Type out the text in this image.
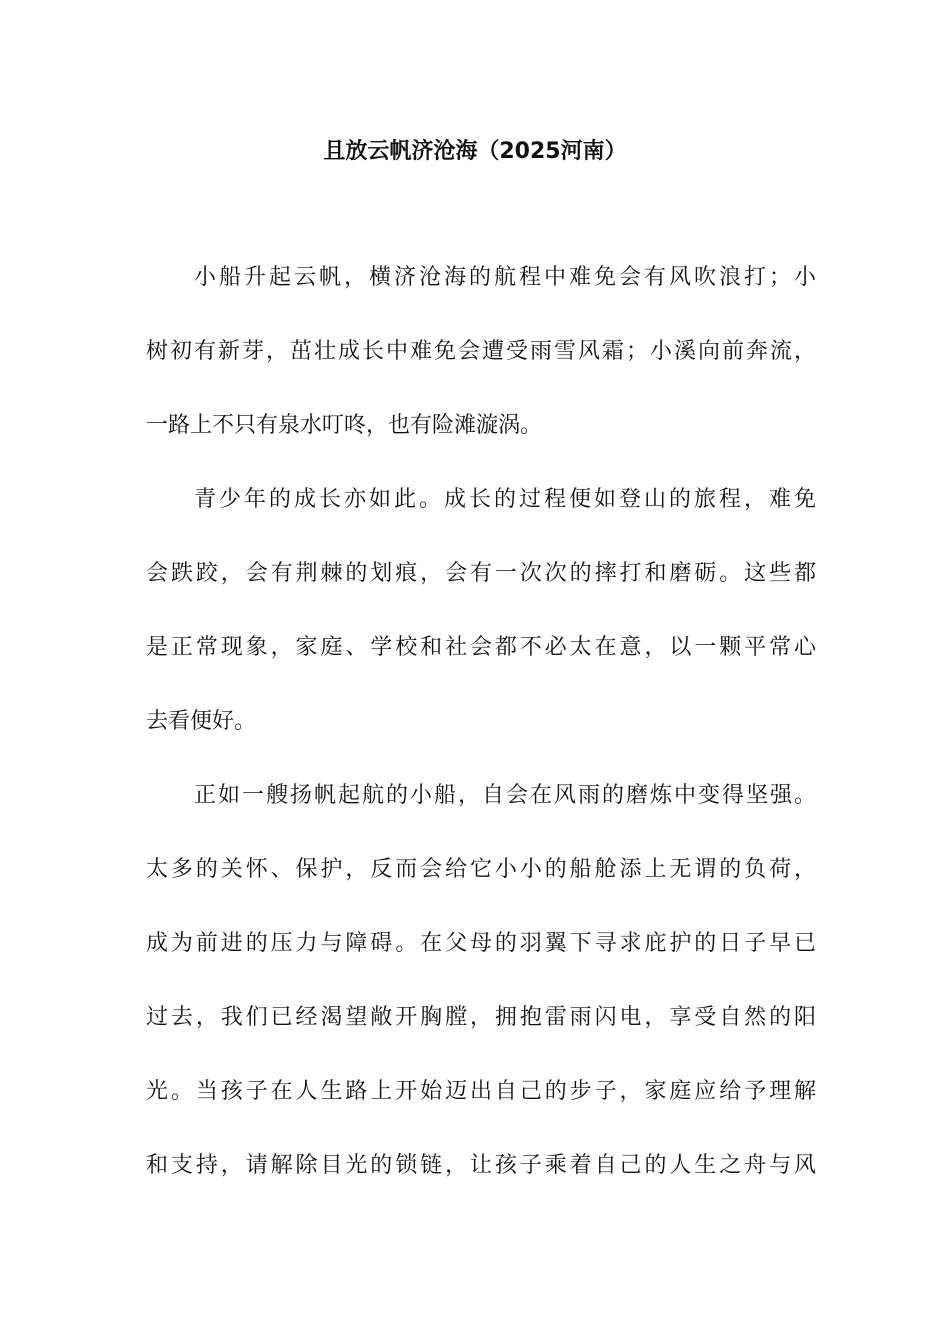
且放云帆济沧海（2025河南）
小船升起云帆，横济沧海的航程中难免会有风吹浪打；小
树初有新芽，茁壮成长中难免会遭受雨雪风霜；小溪向前奔流，
一路上不只有泉水叮咚，也有险滩漩涡。
青少年的成长亦如此。成长的过程便如登山的旅程，难免
会跌跤，会有荆棘的划痕，会有一次次的摔打和磨砺。这些都
是正常现象，家庭、学校和社会都不必太在意，以一颗平常心
去看便好。
正如一艘扬帆起航的小船，自会在风雨的磨炼中变得坚强。
太多的关怀、保护，反而会给它小小的船舱添上无谓的负荷，
成为前进的压力与障碍。在父母的羽翼下寻求庇护的日子早已
过去，我们已经渴望敞开胸膛，拥抱雷雨闪电，享受自然的阳
光。当孩子在人生路上开始迈出自己的步子，家庭应给予理解
和支持，请解除目光的锁链，让孩子乘着自己的人生之舟与风
